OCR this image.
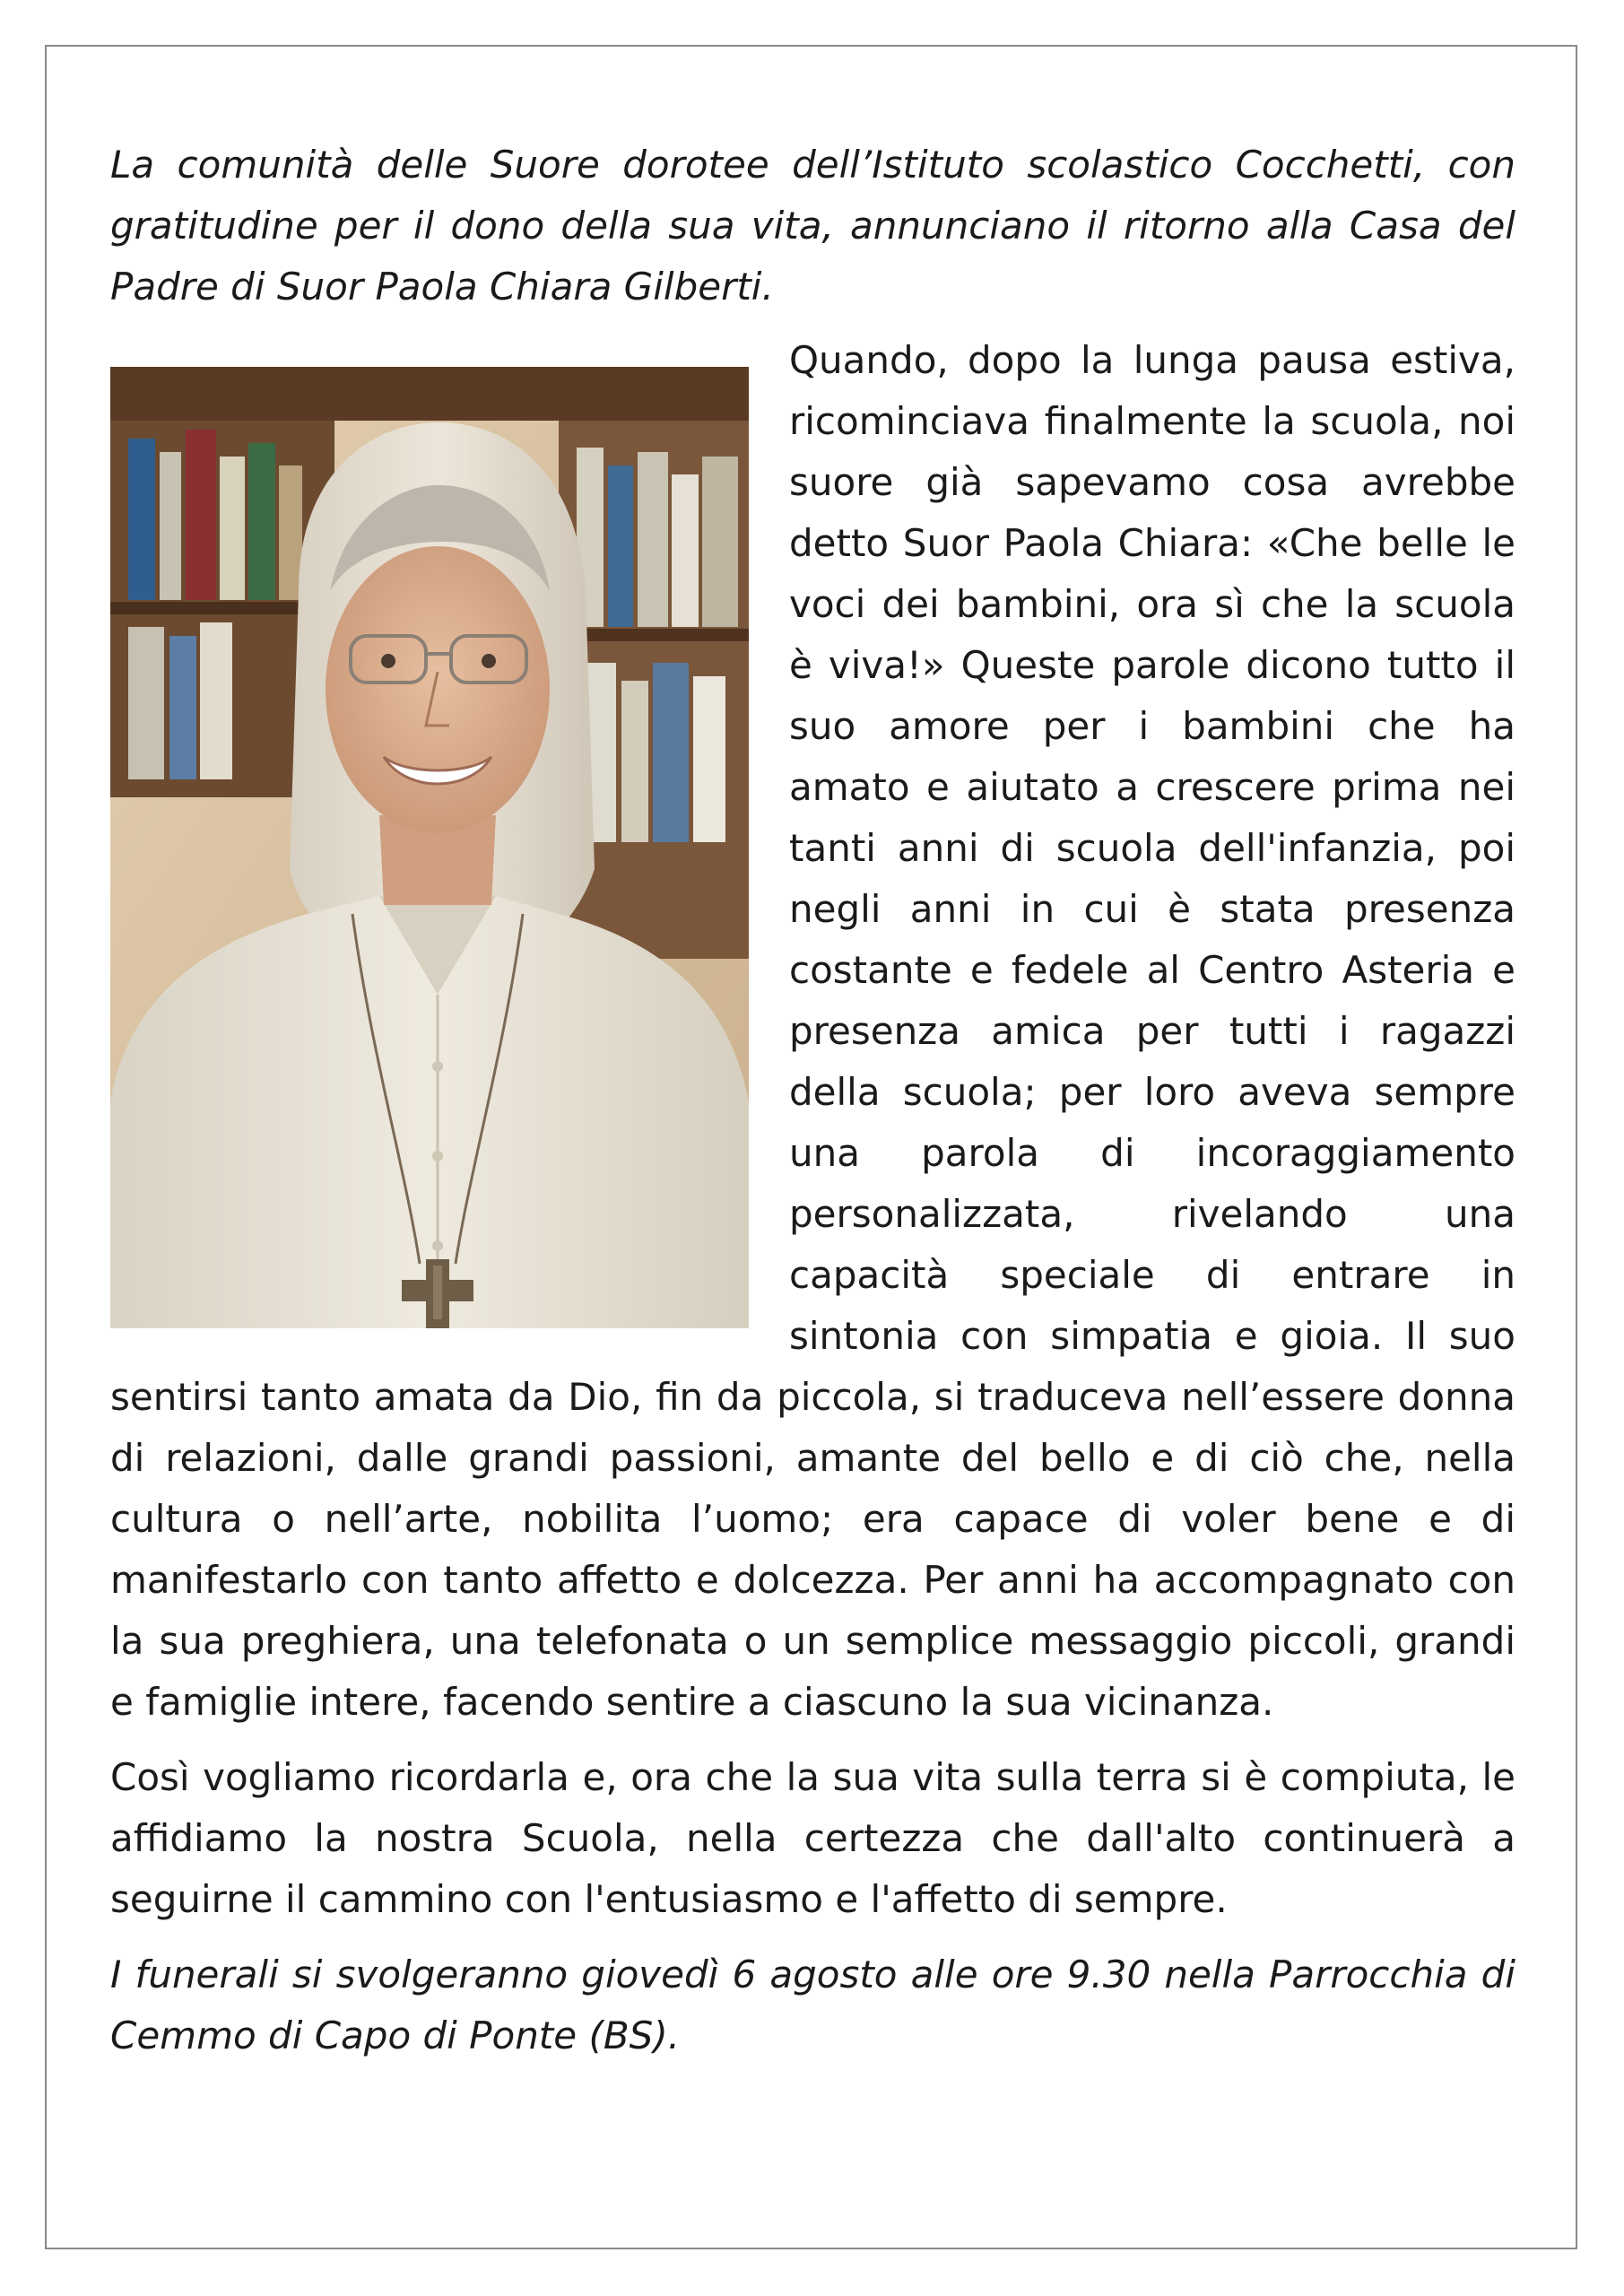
La comunità delle Suore dorotee dell’Istituto scolastico Cocchetti, con gratitudine per il dono della sua vita, annunciano il ritorno alla Casa del Padre di Suor Paola Chiara Gilberti.

Quando, dopo la lunga pausa estiva, ricominciava finalmente la scuola, noi suore già sapevamo cosa avrebbe detto Suor Paola Chiara: «Che belle le voci dei bambini, ora sì che la scuola è viva!» Queste parole dicono tutto il suo amore per i bambini che ha amato e aiutato a crescere prima nei tanti anni di scuola dell'infanzia, poi negli anni in cui è stata presenza costante e fedele al Centro Asteria e presenza amica per tutti i ragazzi della scuola; per loro aveva sempre una parola di incoraggiamento personalizzata, rivelando una capacità speciale di entrare in sintonia con simpatia e gioia. Il suo sentirsi tanto amata da Dio, fin da piccola, si traduceva nell’essere donna di relazioni, dalle grandi passioni, amante del bello e di ciò che, nella cultura o nell’arte, nobilita l’uomo; era capace di voler bene e di manifestarlo con tanto affetto e dolcezza. Per anni ha accompagnato con la sua preghiera, una telefonata o un semplice messaggio piccoli, grandi e famiglie intere, facendo sentire a ciascuno la sua vicinanza.

Così vogliamo ricordarla e, ora che la sua vita sulla terra si è compiuta, le affidiamo la nostra Scuola, nella certezza che dall'alto continuerà a seguirne il cammino con l'entusiasmo e l'affetto di sempre.

I funerali si svolgeranno giovedì 6 agosto alle ore 9.30 nella Parrocchia di Cemmo di Capo di Ponte (BS).
